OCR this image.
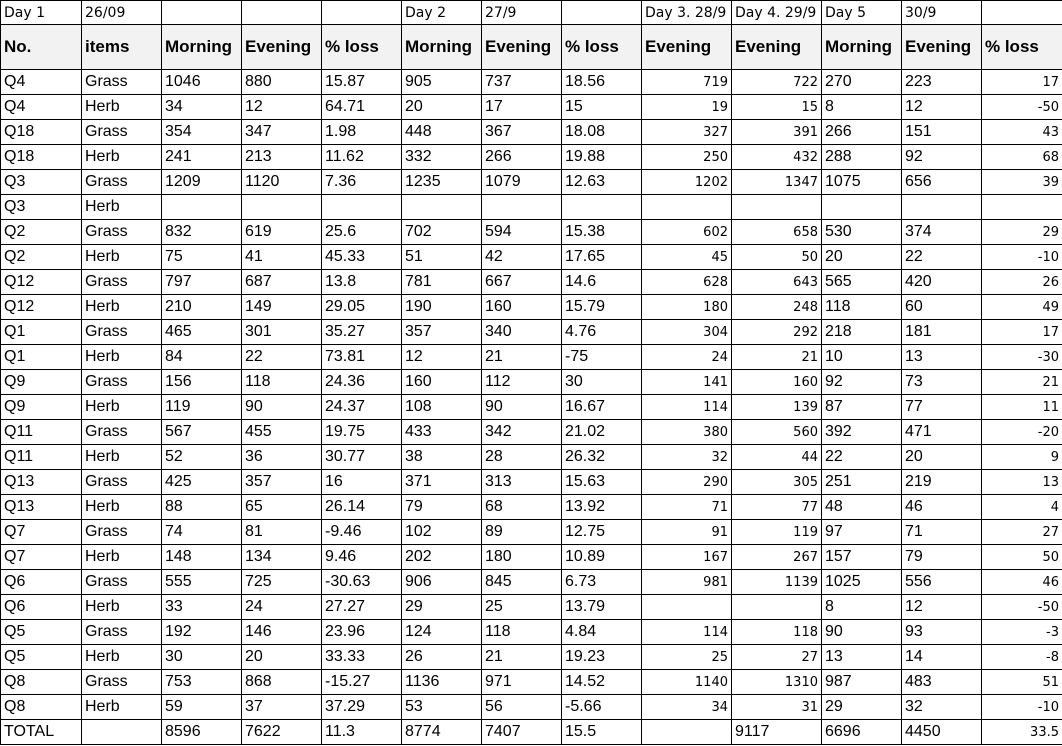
Day 1	26/09				Day 2	27/9		Day 3. 28/9	Day 4. 29/9	Day 5	30/9	
No.	items	Morning	Evening	% loss	Morning	Evening	% loss	Evening	Evening	Morning	Evening	% loss
Q4	Grass	1046	880	15.87	905	737	18.56	719	722	270	223	17
Q4	Herb	34	12	64.71	20	17	15	19	15	8	12	-50
Q18	Grass	354	347	1.98	448	367	18.08	327	391	266	151	43
Q18	Herb	241	213	11.62	332	266	19.88	250	432	288	92	68
Q3	Grass	1209	1120	7.36	1235	1079	12.63	1202	1347	1075	656	39
Q3	Herb											
Q2	Grass	832	619	25.6	702	594	15.38	602	658	530	374	29
Q2	Herb	75	41	45.33	51	42	17.65	45	50	20	22	-10
Q12	Grass	797	687	13.8	781	667	14.6	628	643	565	420	26
Q12	Herb	210	149	29.05	190	160	15.79	180	248	118	60	49
Q1	Grass	465	301	35.27	357	340	4.76	304	292	218	181	17
Q1	Herb	84	22	73.81	12	21	-75	24	21	10	13	-30
Q9	Grass	156	118	24.36	160	112	30	141	160	92	73	21
Q9	Herb	119	90	24.37	108	90	16.67	114	139	87	77	11
Q11	Grass	567	455	19.75	433	342	21.02	380	560	392	471	-20
Q11	Herb	52	36	30.77	38	28	26.32	32	44	22	20	9
Q13	Grass	425	357	16	371	313	15.63	290	305	251	219	13
Q13	Herb	88	65	26.14	79	68	13.92	71	77	48	46	4
Q7	Grass	74	81	-9.46	102	89	12.75	91	119	97	71	27
Q7	Herb	148	134	9.46	202	180	10.89	167	267	157	79	50
Q6	Grass	555	725	-30.63	906	845	6.73	981	1139	1025	556	46
Q6	Herb	33	24	27.27	29	25	13.79			8	12	-50
Q5	Grass	192	146	23.96	124	118	4.84	114	118	90	93	-3
Q5	Herb	30	20	33.33	26	21	19.23	25	27	13	14	-8
Q8	Grass	753	868	-15.27	1136	971	14.52	1140	1310	987	483	51
Q8	Herb	59	37	37.29	53	56	-5.66	34	31	29	32	-10
TOTAL		8596	7622	11.3	8774	7407	15.5		9117	6696	4450	33.5
